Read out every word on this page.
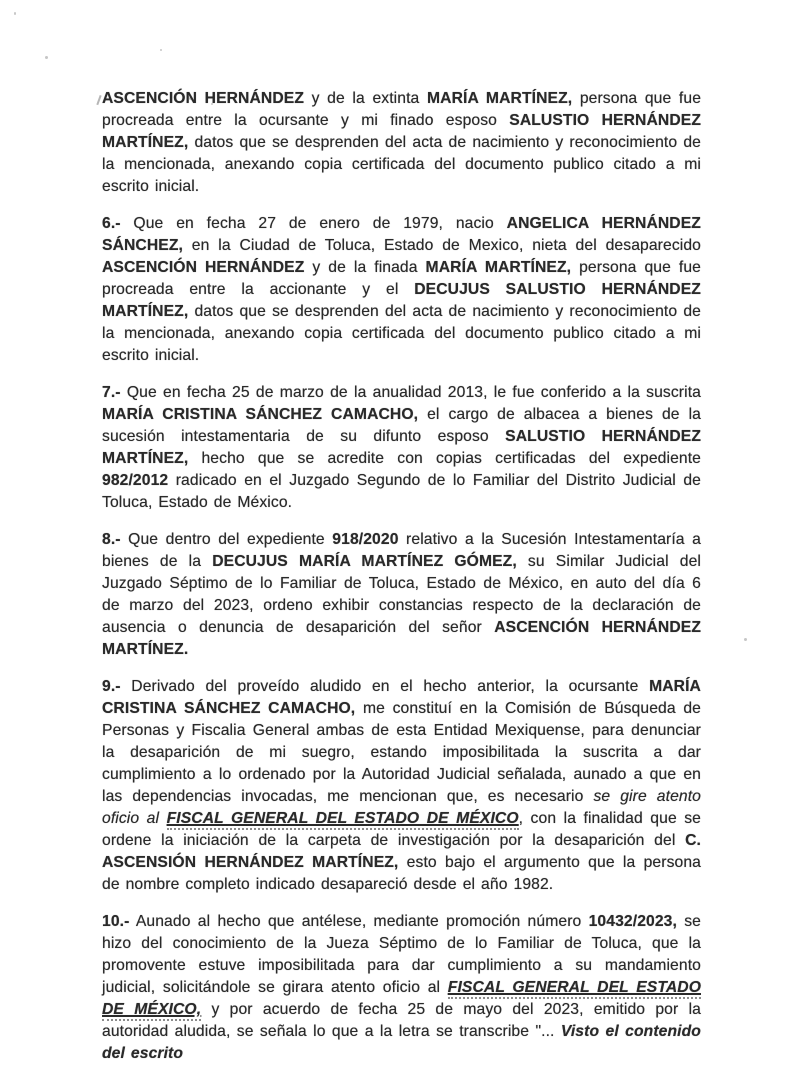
ASCENCIÓN HERNÁNDEZ y de la extinta MARÍA MARTÍNEZ, persona que fue procreada entre la ocursante y mi finado esposo SALUSTIO HERNÁNDEZ MARTÍNEZ, datos que se desprenden del acta de nacimiento y reconocimiento de la mencionada, anexando copia certificada del documento publico citado a mi escrito inicial.

6.- Que en fecha 27 de enero de 1979, nacio ANGELICA HERNÁNDEZ SÁNCHEZ, en la Ciudad de Toluca, Estado de Mexico, nieta del desaparecido ASCENCIÓN HERNÁNDEZ y de la finada MARÍA MARTÍNEZ, persona que fue procreada entre la accionante y el DECUJUS SALUSTIO HERNÁNDEZ MARTÍNEZ, datos que se desprenden del acta de nacimiento y reconocimiento de la mencionada, anexando copia certificada del documento publico citado a mi escrito inicial.

7.- Que en fecha 25 de marzo de la anualidad 2013, le fue conferido a la suscrita MARÍA CRISTINA SÁNCHEZ CAMACHO, el cargo de albacea a bienes de la sucesión intestamentaria de su difunto esposo SALUSTIO HERNÁNDEZ MARTÍNEZ, hecho que se acredite con copias certificadas del expediente 982/2012 radicado en el Juzgado Segundo de lo Familiar del Distrito Judicial de Toluca, Estado de México.

8.- Que dentro del expediente 918/2020 relativo a la Sucesión Intestamentaría a bienes de la DECUJUS MARÍA MARTÍNEZ GÓMEZ, su Similar Judicial del Juzgado Séptimo de lo Familiar de Toluca, Estado de México, en auto del día 6 de marzo del 2023, ordeno exhibir constancias respecto de la declaración de ausencia o denuncia de desaparición del señor ASCENCIÓN HERNÁNDEZ MARTÍNEZ.

9.- Derivado del proveído aludido en el hecho anterior, la ocursante MARÍA CRISTINA SÁNCHEZ CAMACHO, me constituí en la Comisión de Búsqueda de Personas y Fiscalia General ambas de esta Entidad Mexiquense, para denunciar la desaparición de mi suegro, estando imposibilitada la suscrita a dar cumplimiento a lo ordenado por la Autoridad Judicial señalada, aunado a que en las dependencias invocadas, me mencionan que, es necesario se gire atento oficio al FISCAL GENERAL DEL ESTADO DE MÉXICO, con la finalidad que se ordene la iniciación de la carpeta de investigación por la desaparición del C. ASCENSIÓN HERNÁNDEZ MARTÍNEZ, esto bajo el argumento que la persona de nombre completo indicado desapareció desde el año 1982.

10.- Aunado al hecho que antélese, mediante promoción número 10432/2023, se hizo del conocimiento de la Jueza Séptimo de lo Familiar de Toluca, que la promovente estuve imposibilitada para dar cumplimiento a su mandamiento judicial, solicitándole se girara atento oficio al FISCAL GENERAL DEL ESTADO DE MÉXICO, y por acuerdo de fecha 25 de mayo del 2023, emitido por la autoridad aludida, se señala lo que a la letra se transcribe "... Visto el contenido del escrito
